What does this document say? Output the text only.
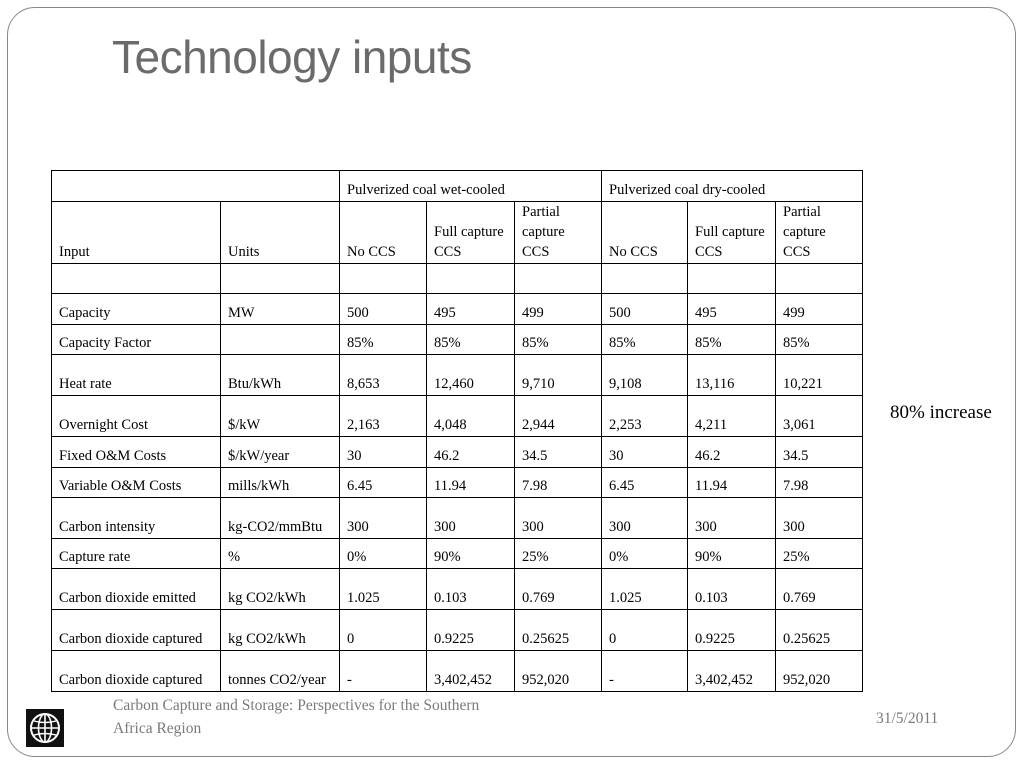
Technology inputs
		Pulverized coal wet-cooled			Pulverized coal dry-cooled		
Input	Units	No CCS	Full capture CCS	Partial capture CCS	No CCS	Full capture CCS	Partial capture CCS

Capacity	MW	500	495	499	500	495	499
Capacity Factor		85%	85%	85%	85%	85%	85%
Heat rate	Btu/kWh	8,653	12,460	9,710	9,108	13,116	10,221
Overnight Cost	$/kW	2,163	4,048	2,944	2,253	4,211	3,061
Fixed O&M Costs	$/kW/year	30	46.2	34.5	30	46.2	34.5
Variable O&M Costs	mills/kWh	6.45	11.94	7.98	6.45	11.94	7.98
Carbon intensity	kg-CO2/mmBtu	300	300	300	300	300	300
Capture rate	%	0%	90%	25%	0%	90%	25%
Carbon dioxide emitted	kg CO2/kWh	1.025	0.103	0.769	1.025	0.103	0.769
Carbon dioxide captured	kg CO2/kWh	0	0.9225	0.25625	0	0.9225	0.25625
Carbon dioxide captured	tonnes CO2/year	-	3,402,452	952,020	-	3,402,452	952,020
80% increase
Carbon Capture and Storage: Perspectives for the Southern Africa Region
31/5/2011
